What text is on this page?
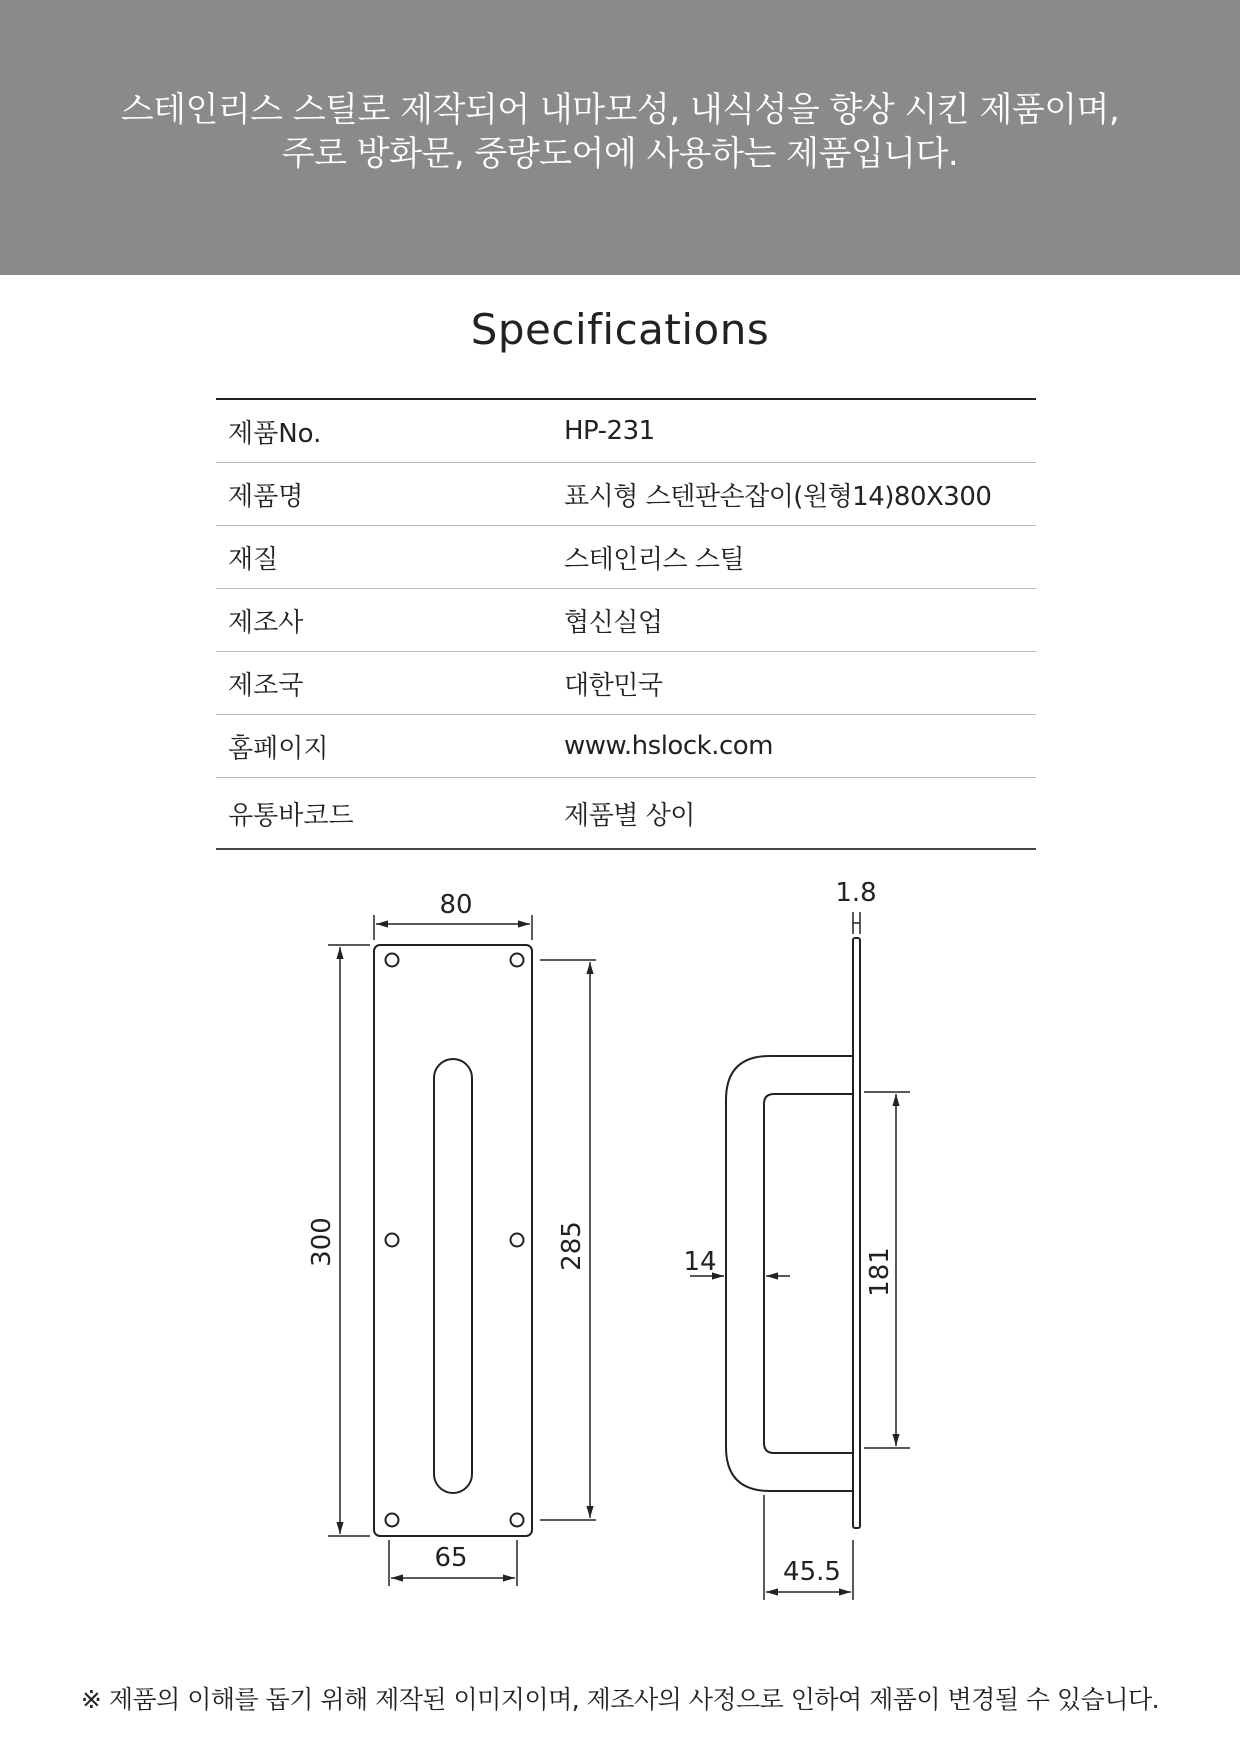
스테인리스 스틸로 제작되어 내마모성, 내식성을 향상 시킨 제품이며,
주로 방화문, 중량도어에 사용하는 제품입니다.
Specifications
제품No.	HP-231
제품명	표시형 스텐판손잡이(원형14)80X300
재질	스테인리스 스틸
제조사	협신실업
제조국	대한민국
홈페이지	www.hslock.com
유통바코드	제품별 상이
80
300	285
65
1.8
181
14
45.5
※ 제품의 이해를 돕기 위해 제작된 이미지이며, 제조사의 사정으로 인하여 제품이 변경될 수 있습니다.
